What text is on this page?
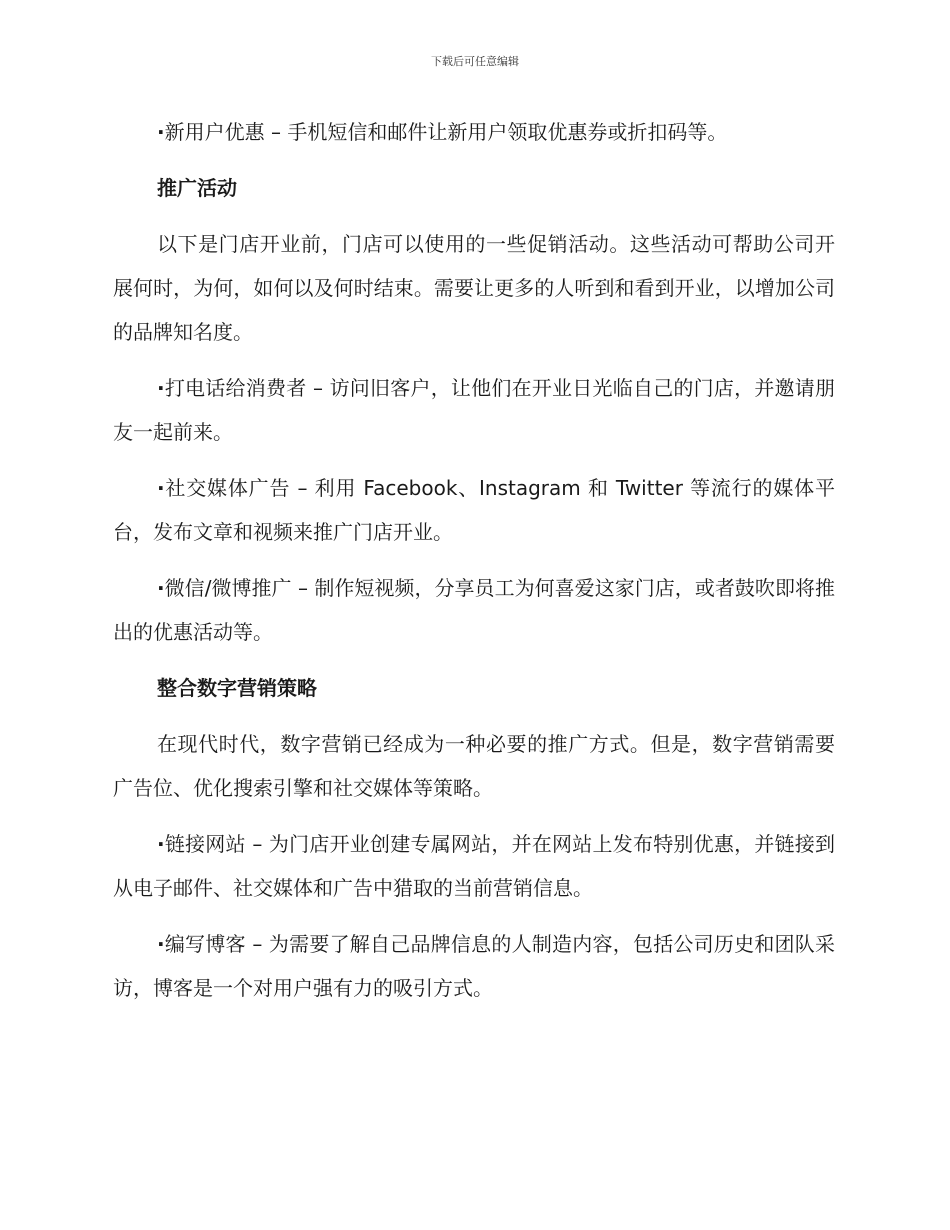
下载后可任意编辑

·新用户优惠 – 手机短信和邮件让新用户领取优惠券或折扣码等。

推广活动

以下是门店开业前，门店可以使用的一些促销活动。这些活动可帮助公司开展何时，为何，如何以及何时结束。需要让更多的人听到和看到开业，以增加公司的品牌知名度。

·打电话给消费者 – 访问旧客户，让他们在开业日光临自己的门店，并邀请朋友一起前来。

·社交媒体广告 – 利用 Facebook、Instagram 和 Twitter 等流行的媒体平台，发布文章和视频来推广门店开业。

·微信/微博推广 – 制作短视频，分享员工为何喜爱这家门店，或者鼓吹即将推出的优惠活动等。

整合数字营销策略

在现代时代，数字营销已经成为一种必要的推广方式。但是，数字营销需要广告位、优化搜索引擎和社交媒体等策略。

·链接网站 – 为门店开业创建专属网站，并在网站上发布特别优惠，并链接到从电子邮件、社交媒体和广告中猎取的当前营销信息。

·编写博客 – 为需要了解自己品牌信息的人制造内容，包括公司历史和团队采访，博客是一个对用户强有力的吸引方式。
